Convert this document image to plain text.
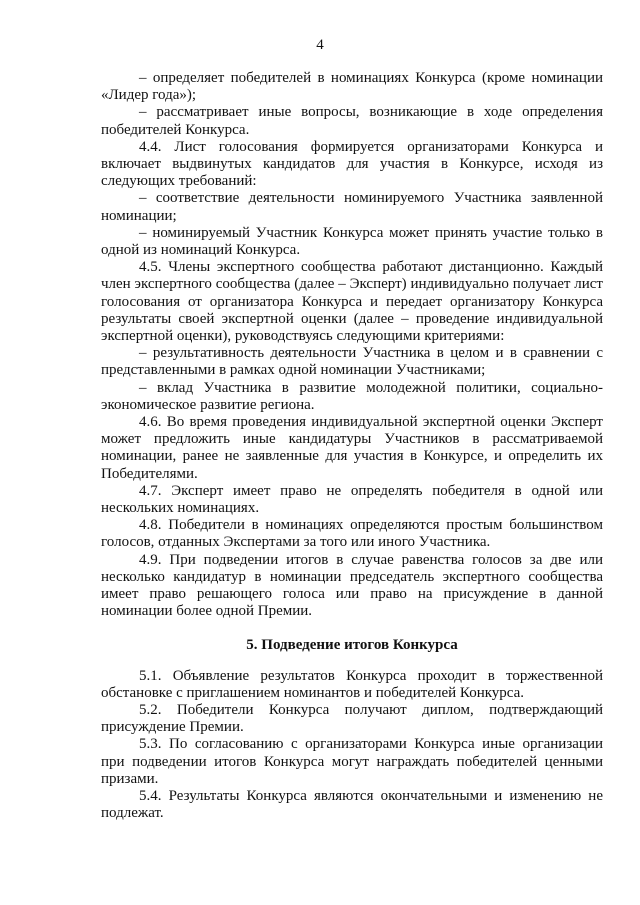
4

– определяет победителей в номинациях Конкурса (кроме номинации «Лидер года»);

– рассматривает иные вопросы, возникающие в ходе определения победителей Конкурса.

4.4. Лист голосования формируется организаторами Конкурса и включает выдвинутых кандидатов для участия в Конкурсе, исходя из следующих требований:

– соответствие деятельности номинируемого Участника заявленной номинации;

– номинируемый Участник Конкурса может принять участие только в одной из номинаций Конкурса.

4.5. Члены экспертного сообщества работают дистанционно. Каждый член экспертного сообщества (далее – Эксперт) индивидуально получает лист голосования от организатора Конкурса и передает организатору Конкурса результаты своей экспертной оценки (далее – проведение индивидуальной экспертной оценки), руководствуясь следующими критериями:

– результативность деятельности Участника в целом и в сравнении с представленными в рамках одной номинации Участниками;

– вклад Участника в развитие молодежной политики, социально-экономическое развитие региона.

4.6. Во время проведения индивидуальной экспертной оценки Эксперт может предложить иные кандидатуры Участников в рассматриваемой номинации, ранее не заявленные для участия в Конкурсе, и определить их Победителями.

4.7. Эксперт имеет право не определять победителя в одной или нескольких номинациях.

4.8. Победители в номинациях определяются простым большинством голосов, отданных Экспертами за того или иного Участника.

4.9. При подведении итогов в случае равенства голосов за две или несколько кандидатур в номинации председатель экспертного сообщества имеет право решающего голоса или право на присуждение в данной номинации более одной Премии.

5. Подведение итогов Конкурса

5.1. Объявление результатов Конкурса проходит в торжественной обстановке с приглашением номинантов и победителей Конкурса.

5.2. Победители Конкурса получают диплом, подтверждающий присуждение Премии.

5.3. По согласованию с организаторами Конкурса иные организации при подведении итогов Конкурса могут награждать победителей ценными призами.

5.4. Результаты Конкурса являются окончательными и изменению не подлежат.
